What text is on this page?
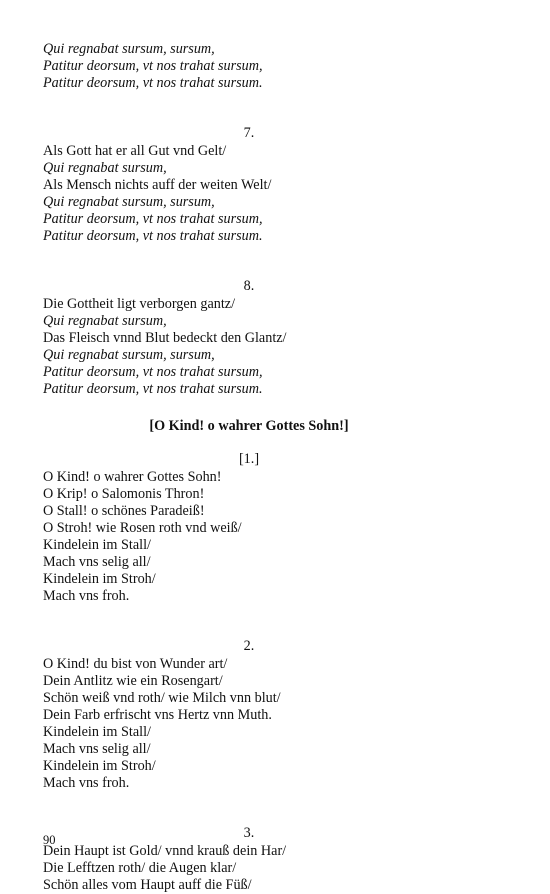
Qui regnabat sursum, sursum,
Patitur deorsum, vt nos trahat sursum,
Patitur deorsum, vt nos trahat sursum.
7.
Als Gott hat er all Gut vnd Gelt/
Qui regnabat sursum,
Als Mensch nichts auff der weiten Welt/
Qui regnabat sursum, sursum,
Patitur deorsum, vt nos trahat sursum,
Patitur deorsum, vt nos trahat sursum.
8.
Die Gottheit ligt verborgen gantz/
Qui regnabat sursum,
Das Fleisch vnnd Blut bedeckt den Glantz/
Qui regnabat sursum, sursum,
Patitur deorsum, vt nos trahat sursum,
Patitur deorsum, vt nos trahat sursum.
[O Kind! o wahrer Gottes Sohn!]
[1.]
O Kind! o wahrer Gottes Sohn!
O Krip! o Salomonis Thron!
O Stall! o schönes Paradeiß!
O Stroh! wie Rosen roth vnd weiß/
Kindelein im Stall/
Mach vns selig all/
Kindelein im Stroh/
Mach vns froh.
2.
O Kind! du bist von Wunder art/
Dein Antlitz wie ein Rosengart/
Schön weiß vnd roth/ wie Milch vnn blut/
Dein Farb erfrischt vns Hertz vnn Muth.
Kindelein im Stall/
Mach vns selig all/
Kindelein im Stroh/
Mach vns froh.
3.
Dein Haupt ist Gold/ vnnd krauß dein Har/
Die Lefftzen roth/ die Augen klar/
Schön alles vom Haupt auff die Füß/
90
